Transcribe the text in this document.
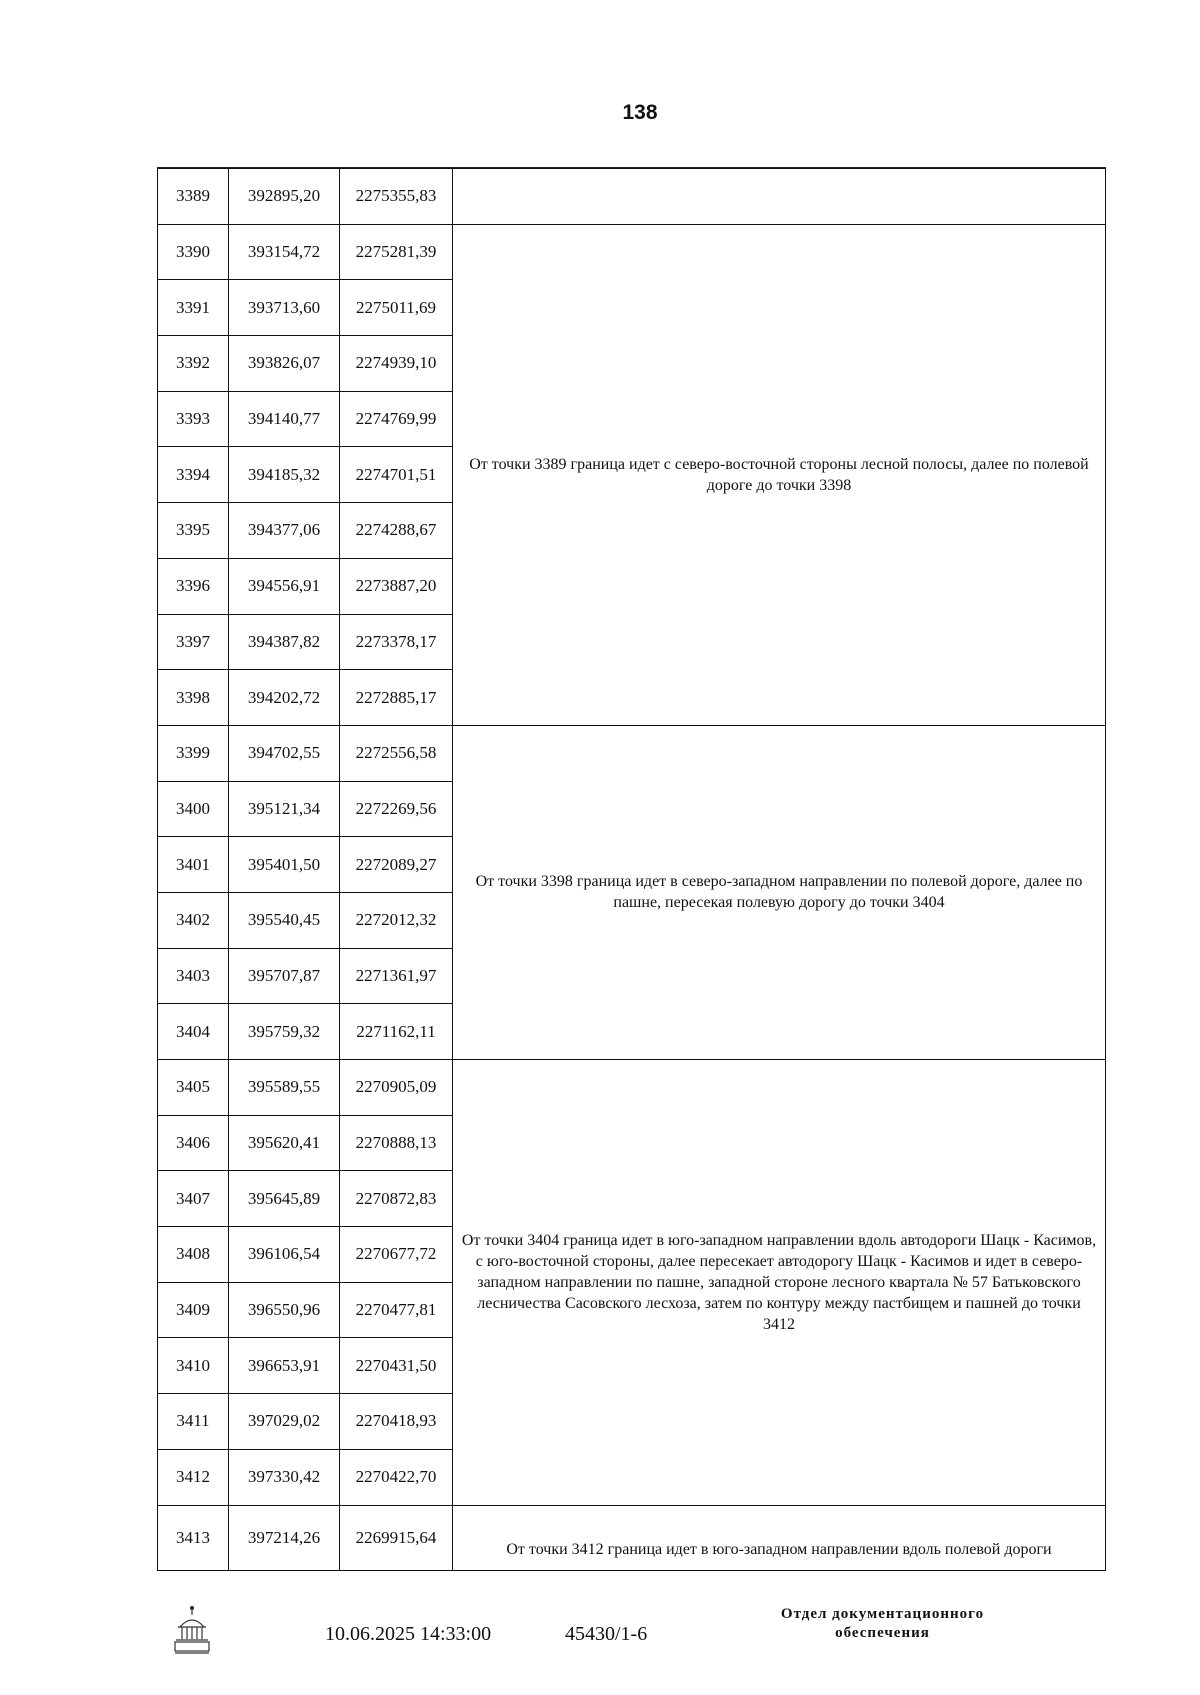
138
3389	392895,20	2275355,83	
3390	393154,72	2275281,39	От точки 3389 граница идет с северо-восточной стороны лесной полосы, далее по полевой дороге до точки 3398
3391	393713,60	2275011,69	
3392	393826,07	2274939,10	
3393	394140,77	2274769,99	
3394	394185,32	2274701,51	
3395	394377,06	2274288,67	
3396	394556,91	2273887,20	
3397	394387,82	2273378,17	
3398	394202,72	2272885,17	
3399	394702,55	2272556,58	От точки 3398 граница идет в северо-западном направлении по полевой дороге, далее по пашне, пересекая полевую дорогу до точки 3404
3400	395121,34	2272269,56	
3401	395401,50	2272089,27	
3402	395540,45	2272012,32	
3403	395707,87	2271361,97	
3404	395759,32	2271162,11	
3405	395589,55	2270905,09	От точки 3404 граница идет в юго-западном направлении вдоль автодороги Шацк - Касимов, с юго-восточной стороны, далее пересекает автодорогу Шацк - Касимов и идет в северо-западном направлении по пашне, западной стороне лесного квартала № 57 Батьковского лесничества Сасовского лесхоза, затем по контуру между пастбищем и пашней до точки 3412
3406	395620,41	2270888,13	
3407	395645,89	2270872,83	
3408	396106,54	2270677,72	
3409	396550,96	2270477,81	
3410	396653,91	2270431,50	
3411	397029,02	2270418,93	
3412	397330,42	2270422,70	
3413	397214,26	2269915,64	От точки 3412 граница идет в юго-западном направлении вдоль полевой дороги
10.06.2025 14:33:00	45430/1-6
Отдел документационного
обеспечения
